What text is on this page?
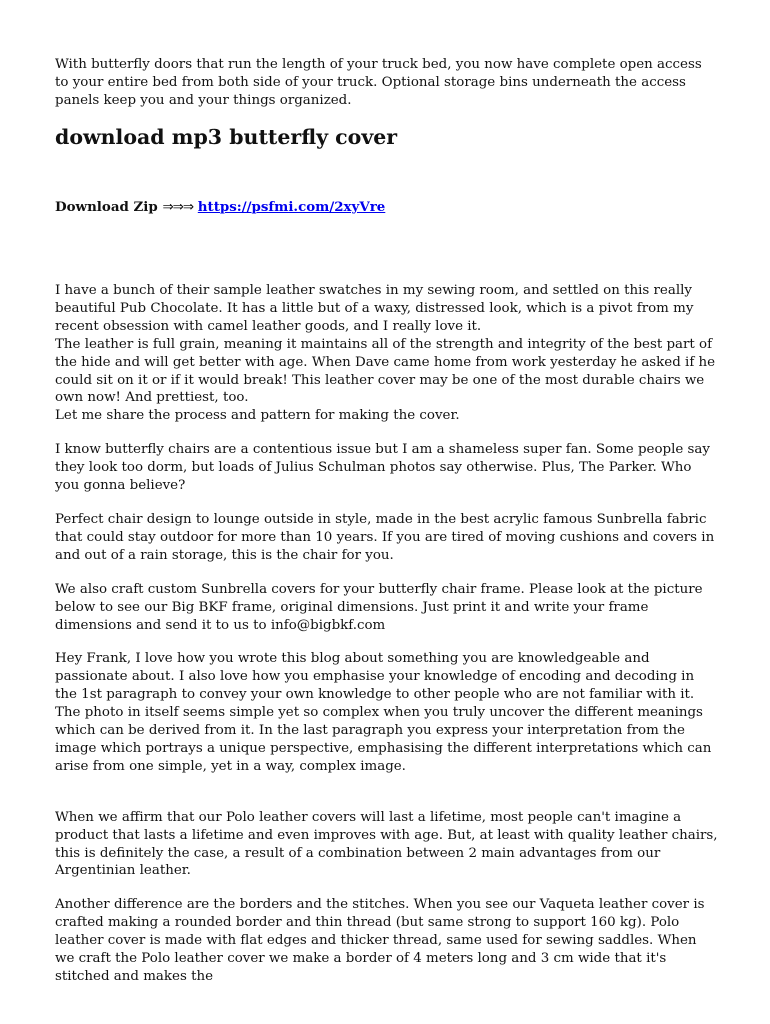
With butterfly doors that run the length of your truck bed, you now have complete open access to your entire bed from both side of your truck. Optional storage bins underneath the access panels keep you and your things organized.

download mp3 butterfly cover

Download Zip ⇒⇒⇒ https://psfmi.com/2xyVre

I have a bunch of their sample leather swatches in my sewing room, and settled on this really beautiful Pub Chocolate. It has a little but of a waxy, distressed look, which is a pivot from my recent obsession with camel leather goods, and I really love it.

The leather is full grain, meaning it maintains all of the strength and integrity of the best part of the hide and will get better with age. When Dave came home from work yesterday he asked if he could sit on it or if it would break! This leather cover may be one of the most durable chairs we own now! And prettiest, too.

Let me share the process and pattern for making the cover.

I know butterfly chairs are a contentious issue but I am a shameless super fan. Some people say they look too dorm, but loads of Julius Schulman photos say otherwise. Plus, The Parker. Who you gonna believe?

Perfect chair design to lounge outside in style, made in the best acrylic famous Sunbrella fabric that could stay outdoor for more than 10 years. If you are tired of moving cushions and covers in and out of a rain storage, this is the chair for you.

We also craft custom Sunbrella covers for your butterfly chair frame. Please look at the picture below to see our Big BKF frame, original dimensions. Just print it and write your frame dimensions and send it to us to info@bigbkf.com

Hey Frank, I love how you wrote this blog about something you are knowledgeable and passionate about. I also love how you emphasise your knowledge of encoding and decoding in the 1st paragraph to convey your own knowledge to other people who are not familiar with it. The photo in itself seems simple yet so complex when you truly uncover the different meanings which can be derived from it. In the last paragraph you express your interpretation from the image which portrays a unique perspective, emphasising the different interpretations which can arise from one simple, yet in a way, complex image.

When we affirm that our Polo leather covers will last a lifetime, most people can't imagine a product that lasts a lifetime and even improves with age. But, at least with quality leather chairs, this is definitely the case, a result of a combination between 2 main advantages from our Argentinian leather.

Another difference are the borders and the stitches. When you see our Vaqueta leather cover is crafted making a rounded border and thin thread (but same strong to support 160 kg). Polo leather cover is made with flat edges and thicker thread, same used for sewing saddles. When we craft the Polo leather cover we make a border of 4 meters long and 3 cm wide that it's stitched and makes the
